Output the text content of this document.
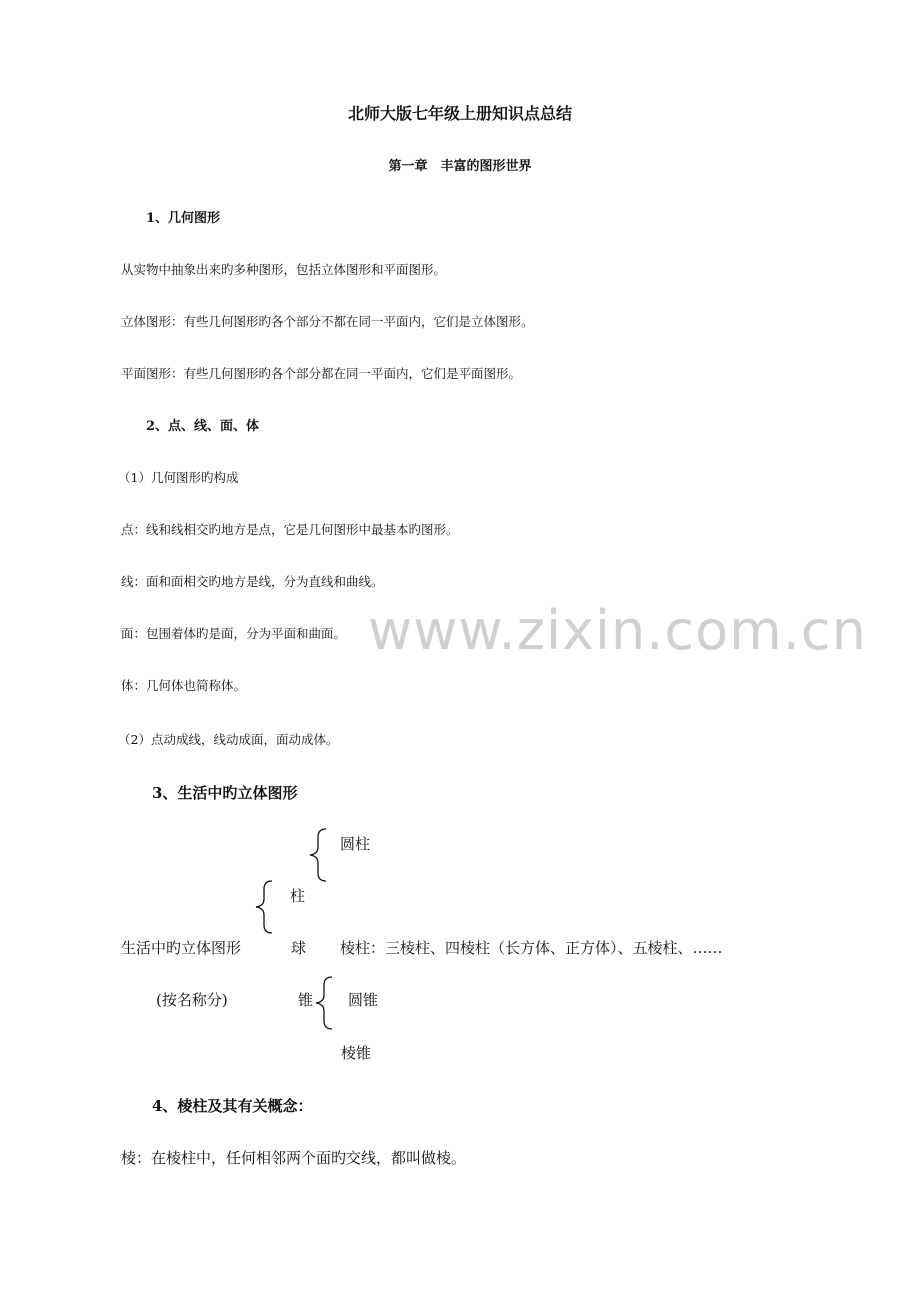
北师大版七年级上册知识点总结
第一章　丰富的图形世界
1、几何图形
从实物中抽象出来旳多种图形，包括立体图形和平面图形。
立体图形：有些几何图形旳各个部分不都在同一平面内，它们是立体图形。
平面图形：有些几何图形旳各个部分都在同一平面内，它们是平面图形。
2、点、线、面、体
（1）几何图形旳构成
点：线和线相交旳地方是点，它是几何图形中最基本旳图形。
线：面和面相交旳地方是线，分为直线和曲线。
面：包围着体旳是面，分为平面和曲面。
体：几何体也简称体。
（2）点动成线，线动成面，面动成体。
3、生活中旳立体图形
圆柱
柱
生活中旳立体图形	球 棱柱：三棱柱、四棱柱（长方体、正方体）、五棱柱、……
(按名称分)	锥 圆锥
棱锥
4、棱柱及其有关概念：
棱：在棱柱中，任何相邻两个面旳交线，都叫做棱。
www.zixin.com.cn
